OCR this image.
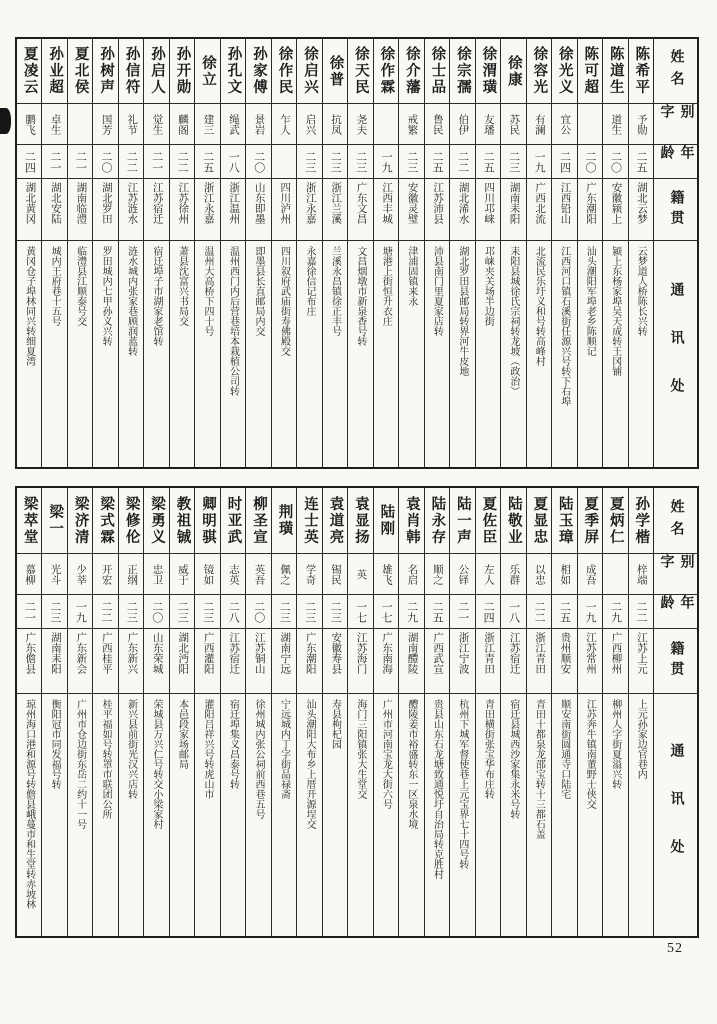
姓名
别字
年龄
籍贯
通讯处
陈希平
予勋
二五
湖北云梦
云梦道人桥陈长兴转
陈道生
道生
二〇
安徽颍上
颍上东杨家埠吴天成转王冈铺
陈可超
二〇
广东潮阳
汕头潮阳军埠老乡陈顺记
徐光义
宜公
二四
江西铅山
江西河口镇石溪街任源兴号转下右埠
徐容光
有澜
一九
广西北流
北流民乐圩义和号转高峰村
徐康
苏民
二三
湖南耒阳
耒阳县城徐氏宗祠转龙坡（政治）
徐渭璜
友璠
二五
四川邛崃
邛崃夹关场半边街
徐宗孺
伯伊
二二
湖北浠水
湖北罗田县邮局转界河牛皮地
徐士品
鲁民
二五
江苏沛县
沛县南门里夏家店转
徐介藩
戒繁
二三
安徽灵璧
津浦固镇来永
徐作霖
一九
江西丰城
塘港上街恒升衣庄
徐天民
尧夫
二三
广东文昌
文昌烟墩市新泉香号转
徐普
抗凤
二三
浙江兰溪
兰溪永昌镇徐正丰号
徐启兴
启兴
二三
浙江永嘉
永嘉徐信记布庄
徐作民
乍人
四川泸州
四川叙府武庙街寿佛殿交
孙家傅
景岩
二〇
山东即墨
即墨县长直邮局内交
孙孔文
绳武
一八
浙江温州
温州西门内后营巷培本栽植公司转
徐立
建三
二五
浙江永嘉
温州大高桥下四十号
孙开勋
麟阁
二二
江苏徐州
萧县沈富兴书局交
孙启人
觉生
二一
江苏宿迁
宿迁埠子市湖家老馆转
孙信符
礼节
二二
江苏涟水
涟水城内张家巷顾润蓝转
孙树声
国芳
二〇
湖北罗田
罗田城内七甲孙义兴转
夏北侯
二一
湖南临澧
临澧县江顺泰号交
孙业超
卓生
二一
湖北安陆
城内王府巷十五号
夏凌云
鹏飞
二四
湖北黄冈
黄冈仓子埠林同兴转细夏湾
姓名
别字
年龄
籍贯
通讯处
孙学楷
梓端
二二
江苏上元
上元孙家边官巷内
夏炳仁
二九
广西柳州
柳州人字街夏溢兴转
夏季屏
成吾
一九
江苏常州
江苏奔牛镇南董野士侠交
陆玉璋
相如
二五
贵州顺安
顺安南街圆通寺口陆宅
夏显忠
以忠
二二
浙江青田
青田十都泉龙邵宝转十三都石盖
陆敬业
乐群
一八
江苏宿迁
宿迁县城西沙家集永米号转
夏佐臣
左人
二四
浙江青田
青田横街张宝华布庄转
陆一声
公铎
二一
浙江宁波
杭州下城军督使巷上元宝界七十四号转
陆永存
顺之
二五
广西武宣
贵县山东石龙塘致通悦圩自治局转克胜村
袁肖韩
名启
二九
湖南醴陵
醴陵姜市裕盛转东一区泉水境
陆刚
雄飞
一七
广东南海
广州市河南宝龙大街六号
袁显扬
英
一七
江苏海门
海门三阳镇张大生堂交
袁道亮
锡民
二三
安徽寿县
寿县枸杞园
连士英
学奇
二三
广东潮阳
汕头潮阳大布乡上厝开源埕交
荆璜
佩之
二三
湖南宁远
宁远城内丁字街品禄斋
柳圣宣
英吾
二〇
江苏铜山
徐州城内张公祠前西巷五号
时亚武
志英
二八
江苏宿迁
宿迁埠集义昌泰号转
卿明骐
镜如
二三
广西灌阳
灌阳吕祥兴号转虎山市
教祖铖
威于
二三
湖北沔阳
本邑段家场邮局
梁勇义
忠卫
二〇
山东荣城
荣城县万兴仁号转交小梁家村
梁修伦
正纲
二三
广东新兴
新兴县前街光汉兴店转
梁式霖
开宏
二二
广西桂平
桂平福如号转罩市联团公所
梁济清
少莘
一九
广东新会
广州市仓边街东岳二约十一号
梁一
光斗
二三
湖南耒阳
衡阳冠市同发福号转
梁萃堂
慕柳
二一
广东儋县
琼州海口港和源号转儋县峨蔓市和生堂转赤坡林
52
